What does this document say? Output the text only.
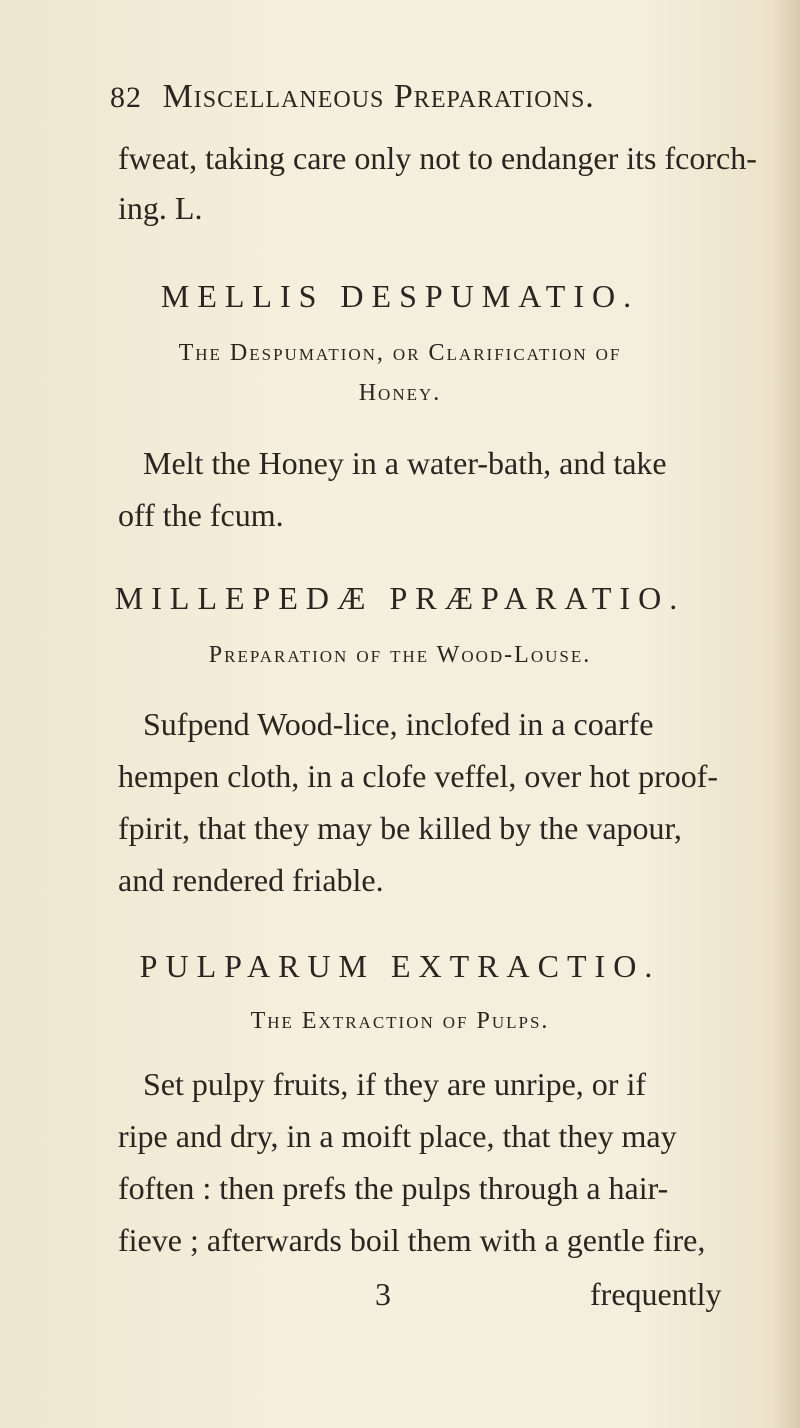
82 Miscellaneous Preparations.
fweat, taking care only not to endanger its fcorch-
ing. L.
MELLIS DESPUMATIO.
The Despumation, or Clarification of
Honey.
Melt the Honey in a water-bath, and take
off the fcum.
MILLEPEDÆ PRÆPARATIO.
Preparation of the Wood-Louse.
Sufpend Wood-lice, inclofed in a coarfe
hempen cloth, in a clofe veffel, over hot proof-
fpirit, that they may be killed by the vapour,
and rendered friable.
PULPARUM EXTRACTIO.
The Extraction of Pulps.
Set pulpy fruits, if they are unripe, or if
ripe and dry, in a moift place, that they may
foften : then prefs the pulps through a hair-
fieve ; afterwards boil them with a gentle fire,
3	frequently
